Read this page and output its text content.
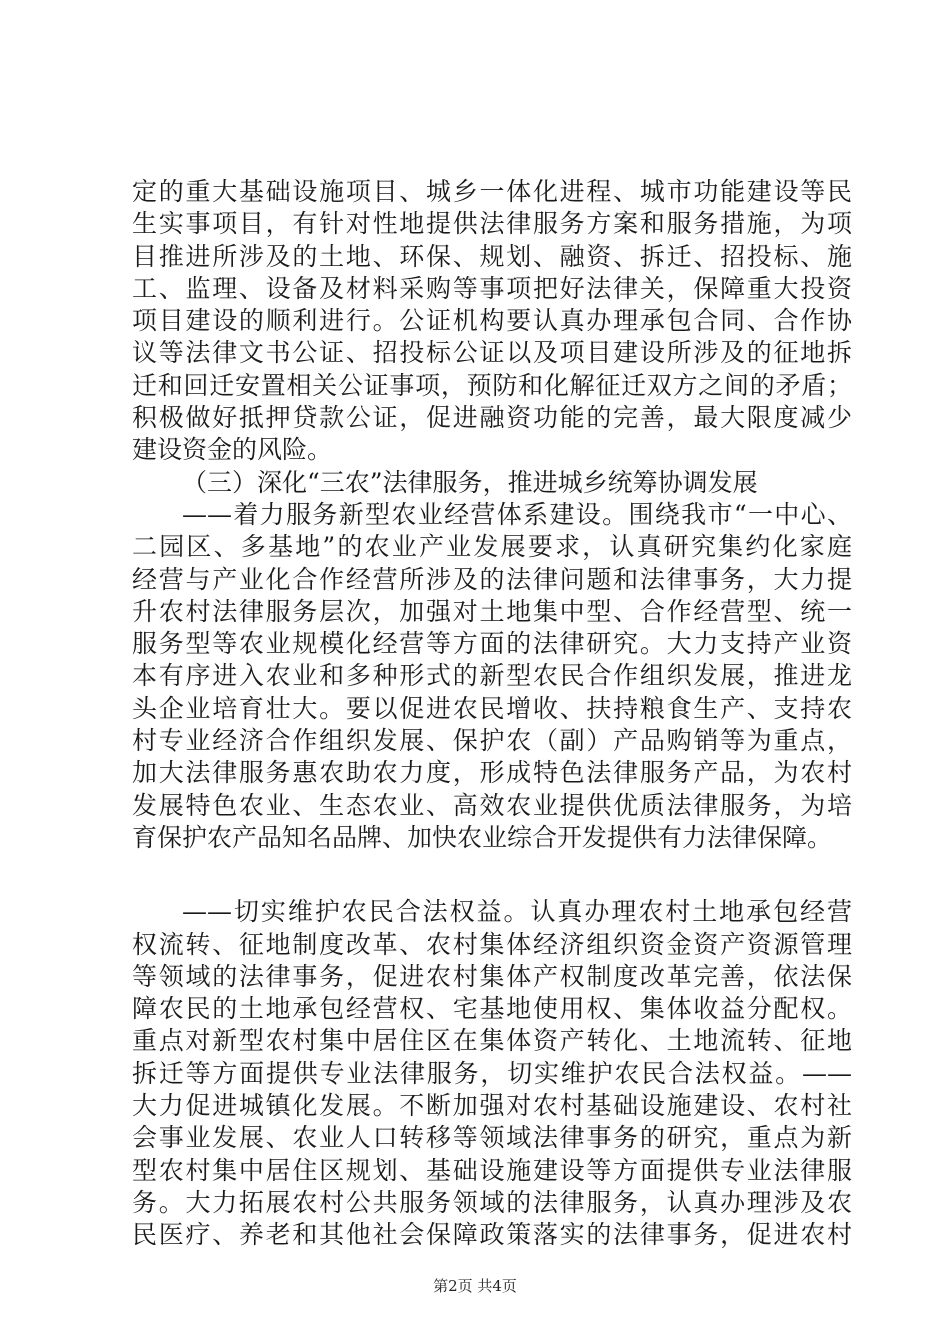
定的重大基础设施项目、城乡一体化进程、城市功能建设等民
生实事项目，有针对性地提供法律服务方案和服务措施，为项
目推进所涉及的土地、环保、规划、融资、拆迁、招投标、施
工、监理、设备及材料采购等事项把好法律关，保障重大投资
项目建设的顺利进行。公证机构要认真办理承包合同、合作协
议等法律文书公证、招投标公证以及项目建设所涉及的征地拆
迁和回迁安置相关公证事项，预防和化解征迁双方之间的矛盾；
积极做好抵押贷款公证，促进融资功能的完善，最大限度减少
建设资金的风险。
（三）深化“三农”法律服务，推进城乡统筹协调发展
——着力服务新型农业经营体系建设。围绕我市“一中心、
二园区、多基地”的农业产业发展要求，认真研究集约化家庭
经营与产业化合作经营所涉及的法律问题和法律事务，大力提
升农村法律服务层次，加强对土地集中型、合作经营型、统一
服务型等农业规模化经营等方面的法律研究。大力支持产业资
本有序进入农业和多种形式的新型农民合作组织发展，推进龙
头企业培育壮大。要以促进农民增收、扶持粮食生产、支持农
村专业经济合作组织发展、保护农（副）产品购销等为重点，
加大法律服务惠农助农力度，形成特色法律服务产品，为农村
发展特色农业、生态农业、高效农业提供优质法律服务，为培
育保护农产品知名品牌、加快农业综合开发提供有力法律保障。
——切实维护农民合法权益。认真办理农村土地承包经营
权流转、征地制度改革、农村集体经济组织资金资产资源管理
等领域的法律事务，促进农村集体产权制度改革完善，依法保
障农民的土地承包经营权、宅基地使用权、集体收益分配权。
重点对新型农村集中居住区在集体资产转化、土地流转、征地
拆迁等方面提供专业法律服务，切实维护农民合法权益。——
大力促进城镇化发展。不断加强对农村基础设施建设、农村社
会事业发展、农业人口转移等领域法律事务的研究，重点为新
型农村集中居住区规划、基础设施建设等方面提供专业法律服
务。大力拓展农村公共服务领域的法律服务，认真办理涉及农
民医疗、养老和其他社会保障政策落实的法律事务，促进农村
第2页 共4页
